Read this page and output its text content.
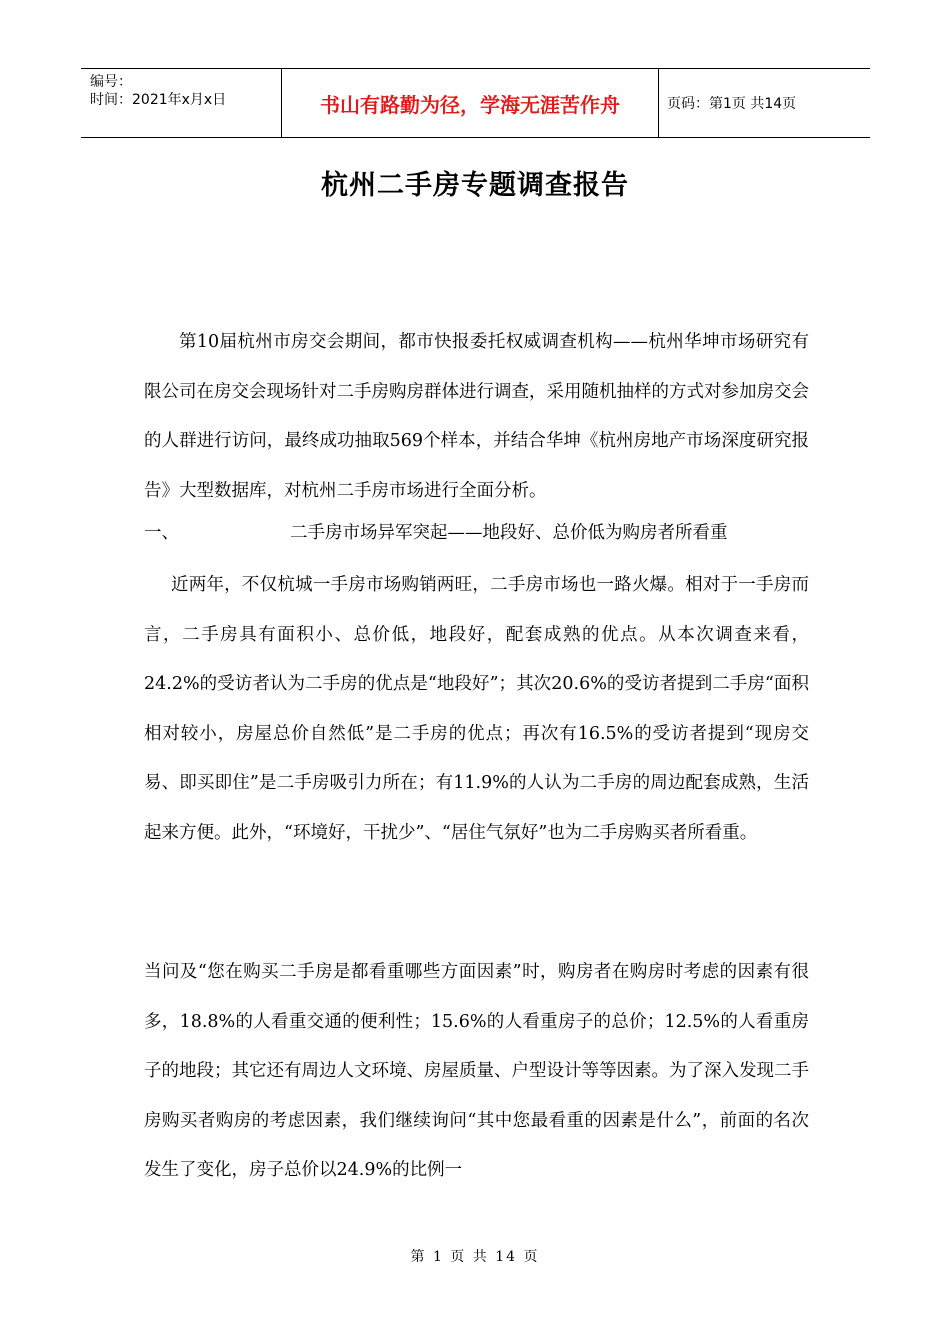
编号：
时间：2021年x月x日	书山有路勤为径，学海无涯苦作舟	页码：第1页 共14页
杭州二手房专题调查报告
第10届杭州市房交会期间，都市快报委托权威调查机构——杭州华坤市场研究有限公司在房交会现场针对二手房购房群体进行调查，采用随机抽样的方式对参加房交会的人群进行访问，最终成功抽取569个样本，并结合华坤《杭州房地产市场深度研究报告》大型数据库，对杭州二手房市场进行全面分析。
一、	二手房市场异军突起——地段好、总价低为购房者所看重
近两年，不仅杭城一手房市场购销两旺，二手房市场也一路火爆。相对于一手房而言，二手房具有面积小、总价低，地段好，配套成熟的优点。从本次调查来看，24.2%的受访者认为二手房的优点是“地段好”；其次20.6%的受访者提到二手房“面积相对较小，房屋总价自然低”是二手房的优点；再次有16.5%的受访者提到“现房交易、即买即住”是二手房吸引力所在；有11.9%的人认为二手房的周边配套成熟，生活起来方便。此外，“环境好，干扰少”、“居住气氛好”也为二手房购买者所看重。
当问及“您在购买二手房是都看重哪些方面因素”时，购房者在购房时考虑的因素有很多，18.8%的人看重交通的便利性；15.6%的人看重房子的总价；12.5%的人看重房子的地段；其它还有周边人文环境、房屋质量、户型设计等等因素。为了深入发现二手房购买者购房的考虑因素，我们继续询问“其中您最看重的因素是什么”，前面的名次发生了变化，房子总价以24.9%的比例一
第 1 页 共 14 页
